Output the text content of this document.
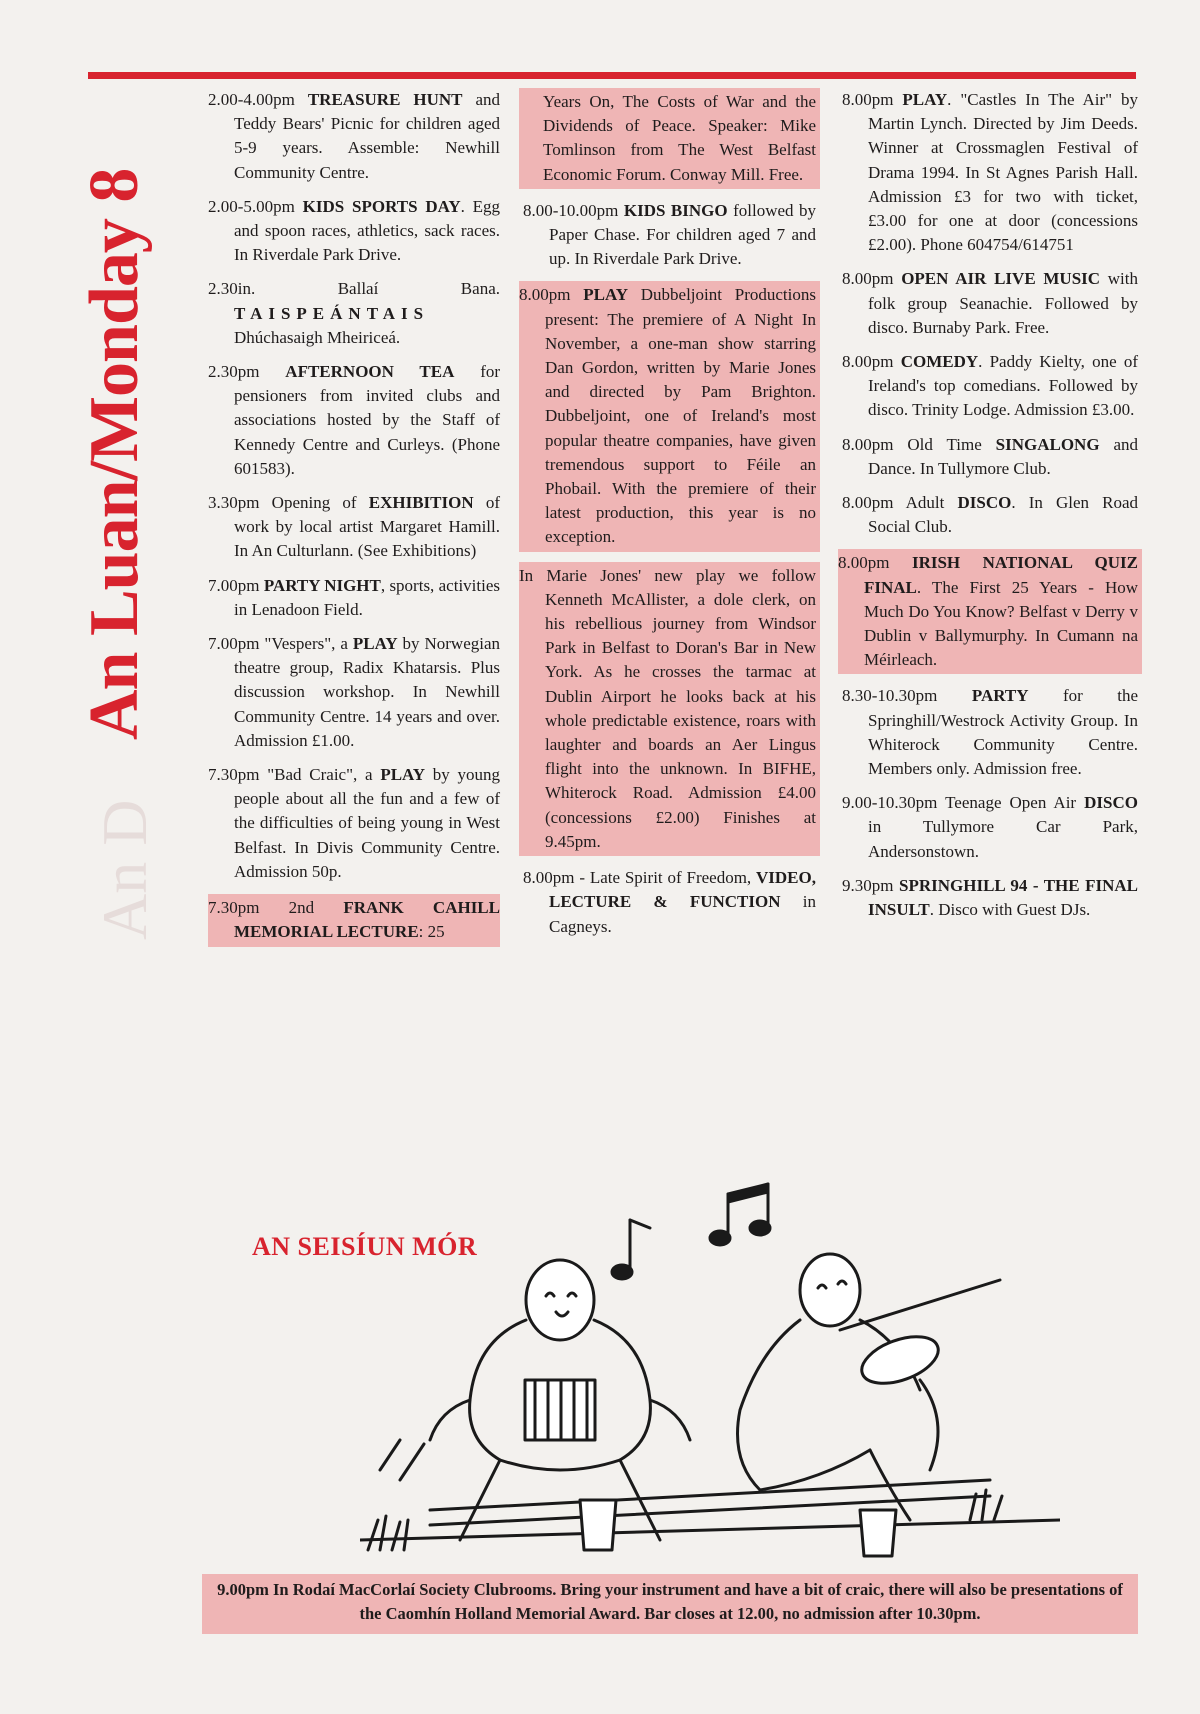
An D
An Luan/Monday 8

2.00-4.00pm TREASURE HUNT and Teddy Bears' Picnic for children aged 5-9 years. Assemble: Newhill Community Centre.

2.00-5.00pm KIDS SPORTS DAY. Egg and spoon races, athletics, sack races. In Riverdale Park Drive.

2.30in. Ballaí Bana. TAISPEÁNTAIS Dhúchasaigh Mheiriceá.

2.30pm AFTERNOON TEA for pensioners from invited clubs and associations hosted by the Staff of Kennedy Centre and Curleys. (Phone 601583).

3.30pm Opening of EXHIBITION of work by local artist Margaret Hamill. In An Culturlann. (See Exhibitions)

7.00pm PARTY NIGHT, sports, activities in Lenadoon Field.

7.00pm "Vespers", a PLAY by Norwegian theatre group, Radix Khatarsis. Plus discussion workshop. In Newhill Community Centre. 14 years and over. Admission £1.00.

7.30pm "Bad Craic", a PLAY by young people about all the fun and a few of the difficulties of being young in West Belfast. In Divis Community Centre. Admission 50p.

7.30pm 2nd FRANK CAHILL MEMORIAL LECTURE: 25

Years On, The Costs of War and the Dividends of Peace. Speaker: Mike Tomlinson from The West Belfast Economic Forum. Conway Mill. Free.

8.00-10.00pm KIDS BINGO followed by Paper Chase. For children aged 7 and up. In Riverdale Park Drive.

8.00pm PLAY Dubbeljoint Productions present: The premiere of A Night In November, a one-man show starring Dan Gordon, written by Marie Jones and directed by Pam Brighton. Dubbeljoint, one of Ireland's most popular theatre companies, have given tremendous support to Féile an Phobail. With the premiere of their latest production, this year is no exception.

In Marie Jones' new play we follow Kenneth McAllister, a dole clerk, on his rebellious journey from Windsor Park in Belfast to Doran's Bar in New York. As he crosses the tarmac at Dublin Airport he looks back at his whole predictable existence, roars with laughter and boards an Aer Lingus flight into the unknown. In BIFHE, Whiterock Road. Admission £4.00 (concessions £2.00) Finishes at 9.45pm.

8.00pm - Late Spirit of Freedom, VIDEO, LECTURE & FUNCTION in Cagneys.

8.00pm PLAY. "Castles In The Air" by Martin Lynch. Directed by Jim Deeds. Winner at Crossmaglen Festival of Drama 1994. In St Agnes Parish Hall. Admission £3 for two with ticket, £3.00 for one at door (concessions £2.00). Phone 604754/614751

8.00pm OPEN AIR LIVE MUSIC with folk group Seanachie. Followed by disco. Burnaby Park. Free.

8.00pm COMEDY. Paddy Kielty, one of Ireland's top comedians. Followed by disco. Trinity Lodge. Admission £3.00.

8.00pm Old Time SINGALONG and Dance. In Tullymore Club.

8.00pm Adult DISCO. In Glen Road Social Club.

8.00pm IRISH NATIONAL QUIZ FINAL. The First 25 Years - How Much Do You Know? Belfast v Derry v Dublin v Ballymurphy. In Cumann na Méirleach.

8.30-10.30pm PARTY for the Springhill/Westrock Activity Group. In Whiterock Community Centre. Members only. Admission free.

9.00-10.30pm Teenage Open Air DISCO in Tullymore Car Park, Andersonstown.

9.30pm SPRINGHILL 94 - THE FINAL INSULT. Disco with Guest DJs.

AN SEISÍUN MÓR
9.00pm In Rodaí MacCorlaí Society Clubrooms. Bring your instrument and have a bit of craic, there will also be presentations of the Caomhín Holland Memorial Award. Bar closes at 12.00, no admission after 10.30pm.
